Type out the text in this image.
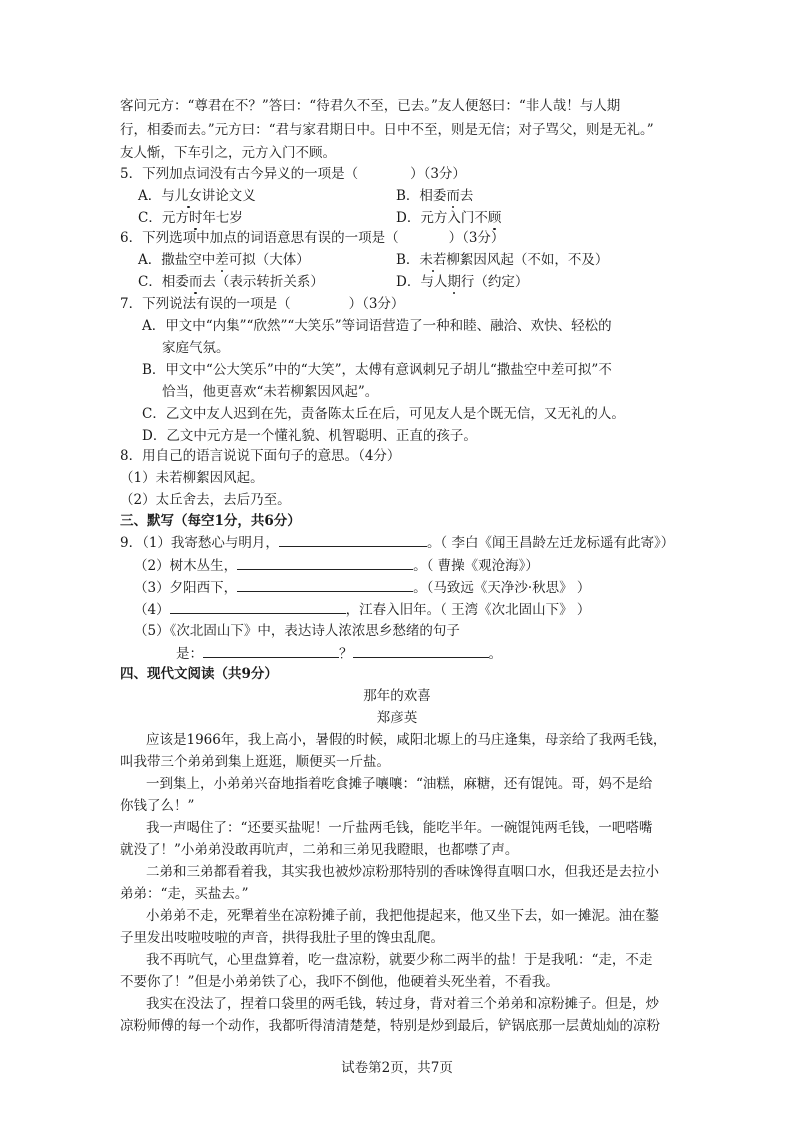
客问元方：“尊君在不？”答曰：“待君久不至，已去。”友人便怒曰：“非人哉！与人期
行，相委而去。”元方曰：“君与家君期日中。日中不至，则是无信；对子骂父，则是无礼。”
友人惭，下车引之，元方入门不顾。
5．下列加点词没有古今异义的一项是（	）（3分）
A．与儿女讲论文义	B．相委而去
C．元方时年七岁	D．元方入门不顾
6．下列选项中加点的词语意思有误的一项是（	）（3分）
A．撒盐空中差可拟（大体）	B．未若柳絮因风起（不如，不及）
C．相委而去（表示转折关系）	D．与人期行（约定）
7．下列说法有误的一项是（	）（3分）
A．甲文中“内集”“欣然”“大笑乐”等词语营造了一种和睦、融洽、欢快、轻松的
家庭气氛。
B．甲文中“公大笑乐”中的“大笑”，太傅有意讽刺兄子胡儿“撒盐空中差可拟”不
恰当，他更喜欢“未若柳絮因风起”。
C．乙文中友人迟到在先，责备陈太丘在后，可见友人是个既无信，又无礼的人。
D．乙文中元方是一个懂礼貌、机智聪明、正直的孩子。
8．用自己的语言说说下面句子的意思。（4分）
（1）未若柳絮因风起。
（2）太丘舍去，去后乃至。
三、默写（每空1分，共6分）
9．（1）我寄愁心与明月，	。（ 李白《闻王昌龄左迁龙标遥有此寄》）
（2）树木丛生，	。（ 曹操《观沧海》）
（3）夕阳西下，	。（马致远《天净沙·秋思》 ）
（4）	，江春入旧年。（ 王湾《次北固山下》 ）
（5）《次北固山下》中，表达诗人浓浓思乡愁绪的句子
是：	？	。
四、现代文阅读（共9分）
那年的欢喜
郑彦英
应该是1966年，我上高小，暑假的时候，咸阳北塬上的马庄逢集，母亲给了我两毛钱，
叫我带三个弟弟到集上逛逛，顺便买一斤盐。
一到集上，小弟弟兴奋地指着吃食摊子嚷嚷：“油糕，麻糖，还有馄饨。哥，妈不是给
你钱了么！”
我一声喝住了：“还要买盐呢！一斤盐两毛钱，能吃半年。一碗馄饨两毛钱，一吧嗒嘴
就没了！”小弟弟没敢再吭声，二弟和三弟见我瞪眼，也都噤了声。
二弟和三弟都看着我，其实我也被炒凉粉那特别的香味馋得直咽口水，但我还是去拉小
弟弟：“走，买盐去。”
小弟弟不走，死犟着坐在凉粉摊子前，我把他提起来，他又坐下去，如一摊泥。油在鏊
子里发出吱啦吱啦的声音，拱得我肚子里的馋虫乱爬。
我不再吭气，心里盘算着，吃一盘凉粉，就要少称二两半的盐！于是我吼：“走，不走
不要你了！”但是小弟弟铁了心，我吓不倒他，他硬着头死坐着，不看我。
我实在没法了，捏着口袋里的两毛钱，转过身，背对着三个弟弟和凉粉摊子。但是，炒
凉粉师傅的每一个动作，我都听得清清楚楚，特别是炒到最后，铲锅底那一层黄灿灿的凉粉
试卷第2页，共7页
